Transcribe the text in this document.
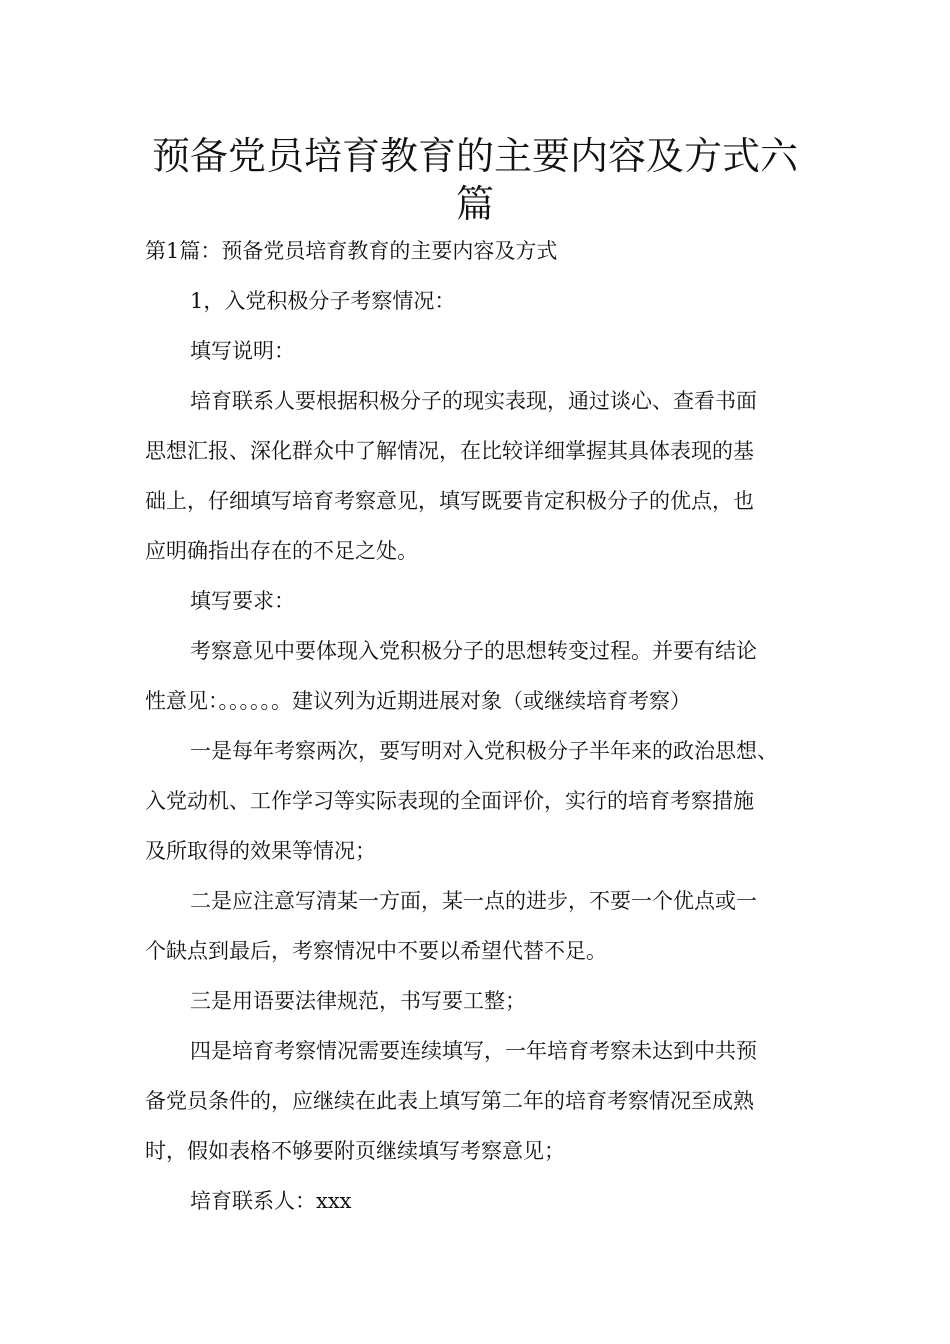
预备党员培育教育的主要内容及方式六
篇

第1篇：预备党员培育教育的主要内容及方式

1，入党积极分子考察情况：

填写说明：

培育联系人要根据积极分子的现实表现，通过谈心、查看书面

思想汇报、深化群众中了解情况，在比较详细掌握其具体表现的基

础上，仔细填写培育考察意见，填写既要肯定积极分子的优点，也

应明确指出存在的不足之处。

填写要求：

考察意见中要体现入党积极分子的思想转变过程。并要有结论

性意见：。。。。。。建议列为近期进展对象（或继续培育考察）

一是每年考察两次，要写明对入党积极分子半年来的政治思想、

入党动机、工作学习等实际表现的全面评价，实行的培育考察措施

及所取得的效果等情况；

二是应注意写清某一方面，某一点的进步，不要一个优点或一

个缺点到最后，考察情况中不要以希望代替不足。

三是用语要法律规范，书写要工整；

四是培育考察情况需要连续填写，一年培育考察未达到中共预

备党员条件的，应继续在此表上填写第二年的培育考察情况至成熟

时，假如表格不够要附页继续填写考察意见；

培育联系人：xxx
